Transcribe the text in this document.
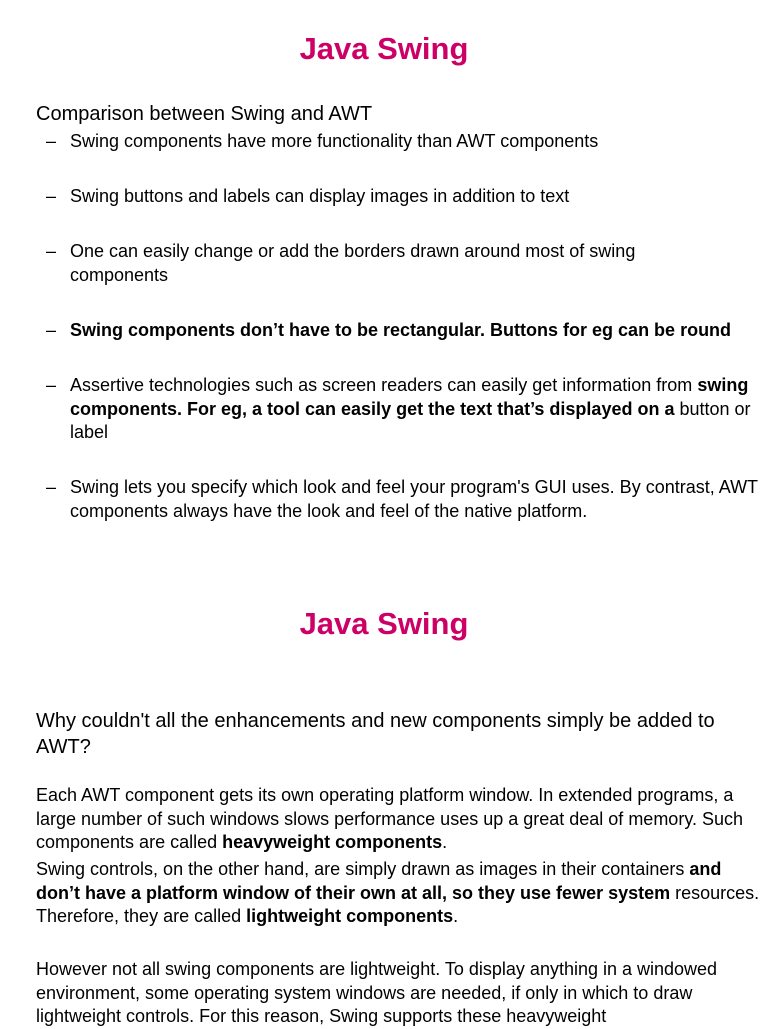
Java Swing

Comparison between Swing and AWT

– Swing components have more functionality than AWT components
– Swing buttons and labels can display images in addition to text
– One can easily change or add the borders drawn around most of swing components
– Swing components don’t have to be rectangular. Buttons for eg can be round
– Assertive technologies such as screen readers can easily get information from swing components. For eg, a tool can easily get the text that’s displayed on a button or label
– Swing lets you specify which look and feel your program's GUI uses. By contrast, AWT components always have the look and feel of the native platform.
Java Swing

Why couldn't all the enhancements and new components simply be added to AWT?

Each AWT component gets its own operating platform window. In extended programs, a large number of such windows slows performance uses up a great deal of memory. Such components are called heavyweight components.

Swing controls, on the other hand, are simply drawn as images in their containers and don’t have a platform window of their own at all, so they use fewer system resources. Therefore, they are called lightweight components.

However not all swing components are lightweight. To display anything in a windowed environment, some operating system windows are needed, if only in which to draw lightweight controls. For this reason, Swing supports these heavyweight
